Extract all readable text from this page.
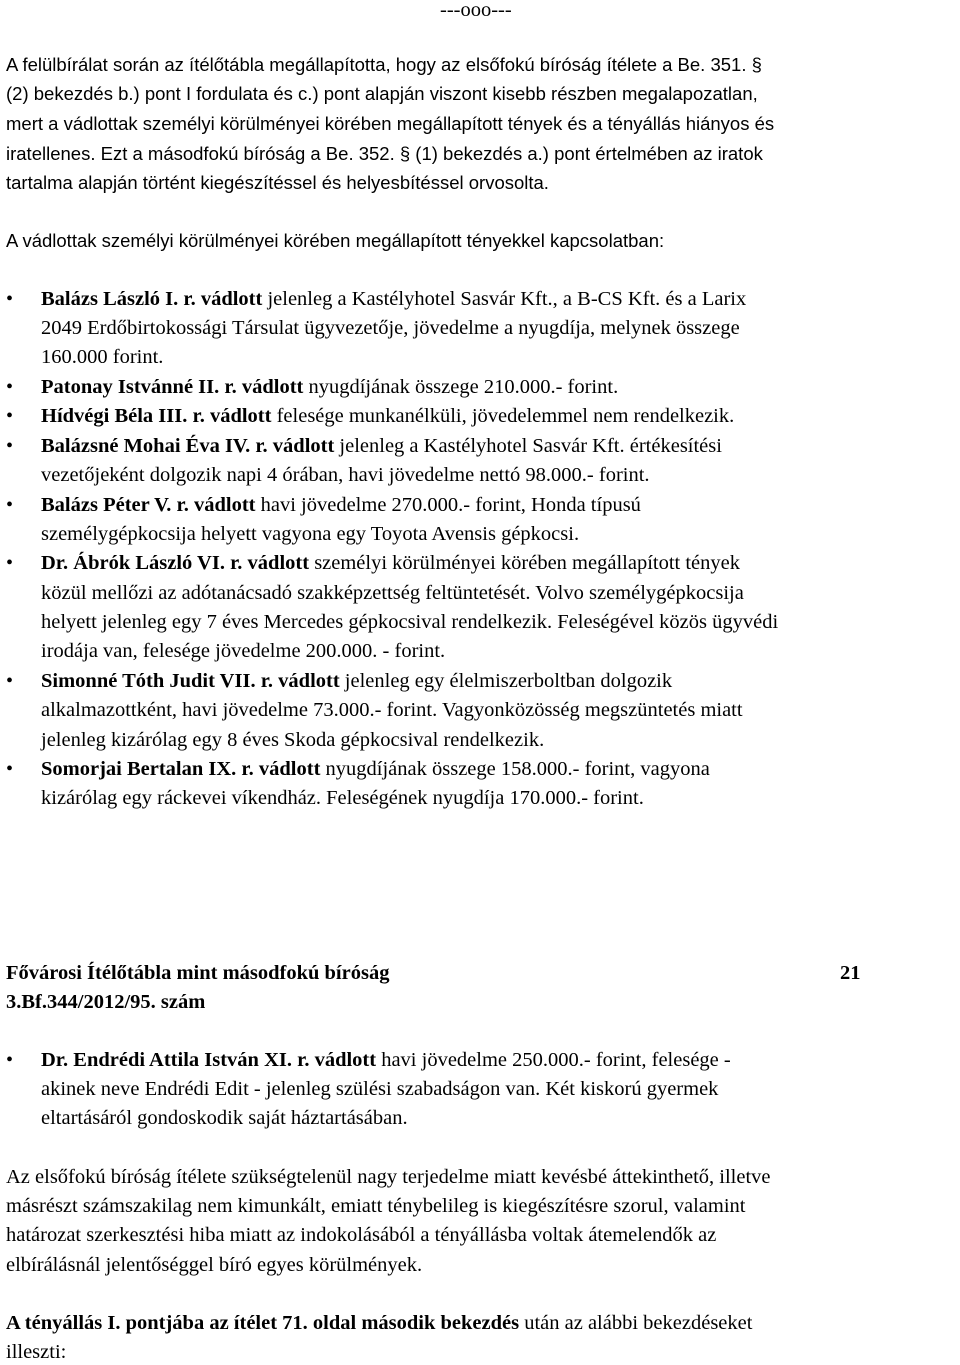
---ooo---
A felülbírálat során az ítélőtábla megállapította, hogy az elsőfokú bíróság ítélete a Be. 351. §
(2) bekezdés b.) pont I fordulata és c.) pont alapján viszont kisebb részben megalapozatlan,
mert a vádlottak személyi körülményei körében megállapított tények és a tényállás hiányos és
iratellenes. Ezt a másodfokú bíróság a Be. 352. § (1) bekezdés a.) pont értelmében az iratok
tartalma alapján történt kiegészítéssel és helyesbítéssel orvosolta.
A vádlottak személyi körülményei körében megállapított tényekkel kapcsolatban:
• Balázs László I. r. vádlott jelenleg a Kastélyhotel Sasvár Kft., a B-CS Kft. és a Larix
2049 Erdőbirtokossági Társulat ügyvezetője, jövedelme a nyugdíja, melynek összege
160.000 forint.
• Patonay Istvánné II. r. vádlott nyugdíjának összege 210.000.- forint.
• Hídvégi Béla III. r. vádlott felesége munkanélküli, jövedelemmel nem rendelkezik.
• Balázsné Mohai Éva IV. r. vádlott jelenleg a Kastélyhotel Sasvár Kft. értékesítési
vezetőjeként dolgozik napi 4 órában, havi jövedelme nettó 98.000.- forint.
• Balázs Péter V. r. vádlott havi jövedelme 270.000.- forint, Honda típusú
személygépkocsija helyett vagyona egy Toyota Avensis gépkocsi.
• Dr. Ábrók László VI. r. vádlott személyi körülményei körében megállapított tények
közül mellőzi az adótanácsadó szakképzettség feltüntetését. Volvo személygépkocsija
helyett jelenleg egy 7 éves Mercedes gépkocsival rendelkezik. Feleségével közös ügyvédi
irodája van, felesége jövedelme 200.000. - forint.
• Simonné Tóth Judit VII. r. vádlott jelenleg egy élelmiszerboltban dolgozik
alkalmazottként, havi jövedelme 73.000.- forint. Vagyonközösség megszüntetés miatt
jelenleg kizárólag egy 8 éves Skoda gépkocsival rendelkezik.
• Somorjai Bertalan IX. r. vádlott nyugdíjának összege 158.000.- forint, vagyona
kizárólag egy ráckevei víkendház. Feleségének nyugdíja 170.000.- forint.
Fővárosi Ítélőtábla mint másodfokú bíróság	21
3.Bf.344/2012/95. szám
• Dr. Endrédi Attila István XI. r. vádlott havi jövedelme 250.000.- forint, felesége -
akinek neve Endrédi Edit - jelenleg szülési szabadságon van. Két kiskorú gyermek
eltartásáról gondoskodik saját háztartásában.
Az elsőfokú bíróság ítélete szükségtelenül nagy terjedelme miatt kevésbé áttekinthető, illetve
másrészt számszakilag nem kimunkált, emiatt ténybelileg is kiegészítésre szorul, valamint
határozat szerkesztési hiba miatt az indokolásából a tényállásba voltak átemelendők az
elbírálásnál jelentőséggel bíró egyes körülmények.
A tényállás I. pontjába az ítélet 71. oldal második bekezdés után az alábbi bekezdéseket
illeszti:
